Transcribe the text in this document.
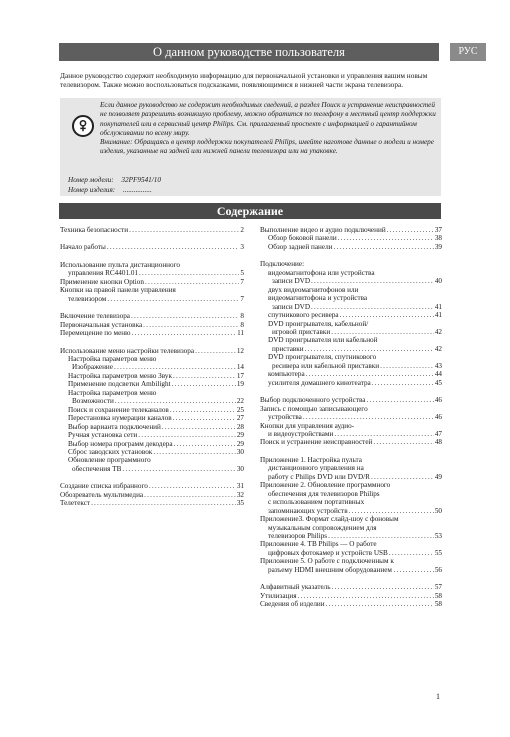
О данном руководстве пользователя	РУС
Данное руководство содержит необходимую информацию для первоначальной установки и управления вашим новым телевизором. Также можно воспользоваться подсказками, появляющимися в нижней части экрана телевизора.

Если данное руководство не содержит необходимых сведений, а раздел Поиск и устранение неисправностей не позволяет разрешить возникшую проблему, можно обратится по телефону в местный центр поддержки покупателей или в сервисный центр Philips. См. прилагаемый проспект с информацией о гарантийном обслуживании по всему миру.

Внимание: Обращаясь в центр поддержки покупателей Philips, имейте наготове данные о модели и номере изделия, указанные на задней или нижней панели телевизора или на упаковке.

Номер модели: 32PF9541/10
Номер изделия: ................
Содержание
Техника безопасности .....	2
Начало работы .....	3
Использование пульта дистанционного
управления RC4401.01 .....	5
Применение кнопки Option .....	7
Кнопки на правой панели управления
телевизором .....	7
Включение телевизора .....	8
Первоначальная установка .....	8
Перемещение по меню .....	11
Использование меню настройки телевизора .....	12
Настройка параметров меню
Изображение .....	14
Настройка параметров меню Звук .....	17
Применение подсветки Ambilight .....	19
Настройка параметров меню
Возможности .....	22
Поиск и сохранение телеканалов .....	25
Перестановка нумерации каналов .....	27
Выбор варианта подключений .....	28
Ручная установка сети .....	29
Выбор номера программ декодера .....	29
Сброс заводских установок .....	30
Обновление программного
обеспечения ТВ .....	30
Создание списка избранного .....	31
Обозреватель мультимедиа .....	32
Телетекст .....	35
Выполнение видео и аудио подключений .....	37
Обзор боковой панели .....	38
Обзор задней панели .....	39
Подключение:
видеомагнитофона или устройства
записи DVD .....	40
двух видеомагнитофонов или
видеомагнитофона и устройства
записи DVD .....	41
спутникового ресивера .....	41
DVD проигрывателя, кабельной/
игровой приставки .....	42
DVD проигрывателя или кабельной
приставки .....	42
DVD проигрывателя, спутникового
ресивера или кабельной приставки .....	43
компьютера .....	44
усилителя домашнего кинотеатра .....	45
Выбор подключенного устройства .....	46
Запись с помощью записывающего
устройства .....	46
Кнопки для управления аудио-
и видеоустройствами .....	47
Поиск и устранение неисправностей .....	48
Приложение 1. Настройка пульта
дистанционного управления на
работу с Philips DVD или DVD/R .....	49
Приложение 2. Обновление программного
обеспечения для телевизоров Philips
с использованием портативных
запоминающих устройств .....	50
Приложение3. Формат слайд-шоу с фоновым
музыкальным сопровождением для
телевизоров Philips .....	53
Приложение 4. ТВ Philips — О работе
цифровых фотокамер и устройств USB .....	55
Приложение 5. О работе с подключенным к
разъему HDMI внешним оборудованием . .....	56
Алфавитный указатель .....	57
Утилизация .....	58
Сведения об изделии .....	58
1
